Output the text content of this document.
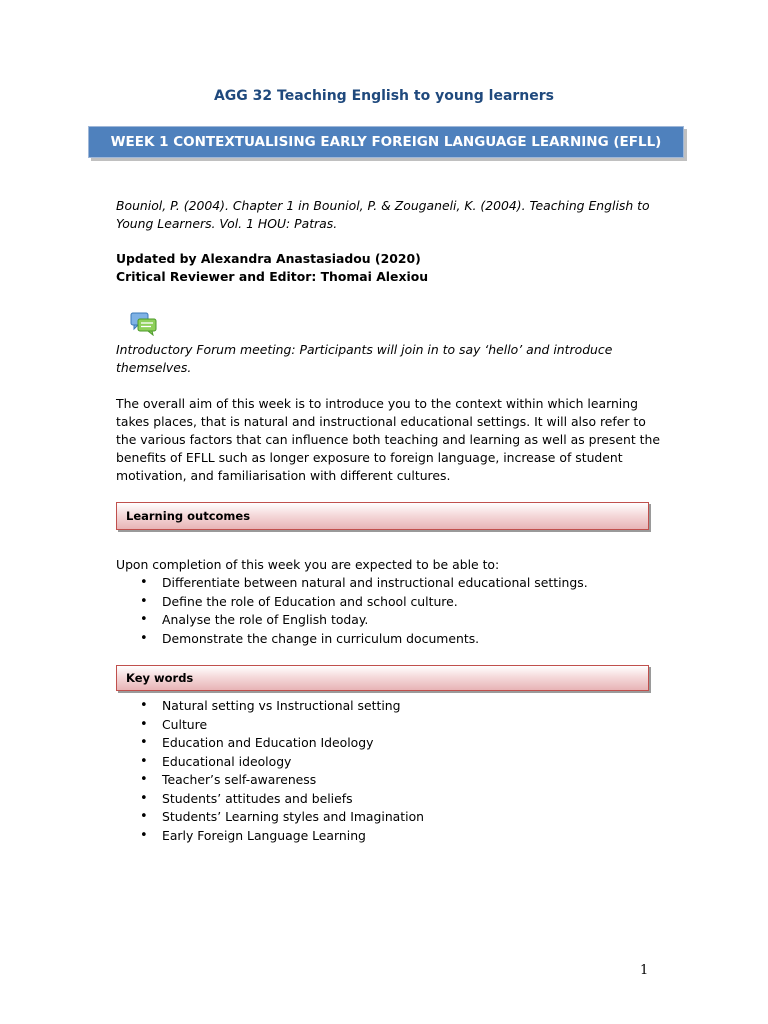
AGG 32 Teaching English to young learners
WEEK 1 CONTEXTUALISING EARLY FOREIGN LANGUAGE LEARNING (EFLL)
Bouniol, P. (2004). Chapter 1 in Bouniol, P. & Zouganeli, K. (2004). Teaching English to Young Learners. Vol. 1 HOU: Patras.
Updated by Alexandra Anastasiadou (2020)
Critical Reviewer and Editor: Thomai Alexiou
Introductory Forum meeting: Participants will join in to say ‘hello’ and introduce themselves.
The overall aim of this week is to introduce you to the context within which learning takes places, that is natural and instructional educational settings. It will also refer to the various factors that can influence both teaching and learning as well as present the benefits of EFLL such as longer exposure to foreign language, increase of student motivation, and familiarisation with different cultures.
Learning outcomes
Upon completion of this week you are expected to be able to:
• Differentiate between natural and instructional educational settings.
• Define the role of Education and school culture.
• Analyse the role of English today.
• Demonstrate the change in curriculum documents.
Key words
• Natural setting vs Instructional setting
• Culture
• Education and Education Ideology
• Educational ideology
• Teacher’s self-awareness
• Students’ attitudes and beliefs
• Students’ Learning styles and Imagination
• Early Foreign Language Learning
1
